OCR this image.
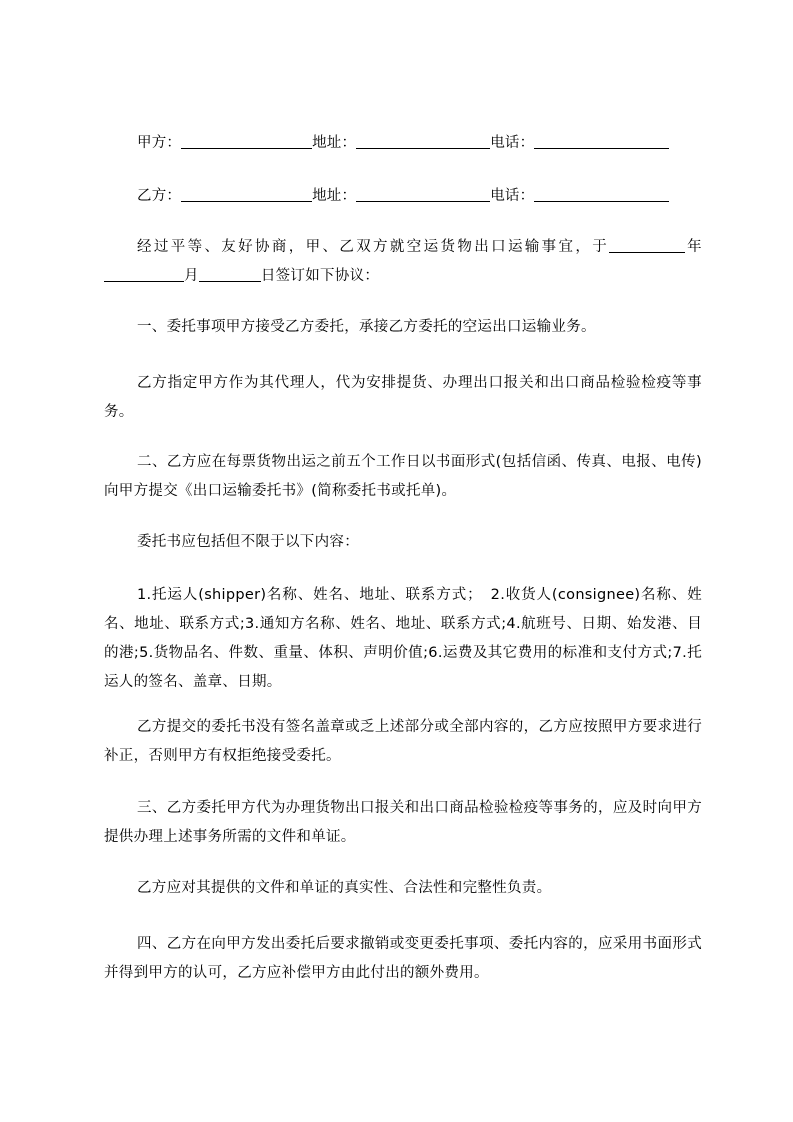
甲方：	地址：	电话：
乙方：	地址：	电话：

经过平等、友好协商，甲、乙双方就空运货物出口运输事宜，于	年月	日签订如下协议：

一、委托事项甲方接受乙方委托，承接乙方委托的空运出口运输业务。

乙方指定甲方作为其代理人，代为安排提货、办理出口报关和出口商品检验检疫等事务。

二、乙方应在每票货物出运之前五个工作日以书面形式(包括信函、传真、电报、电传)向甲方提交《出口运输委托书》(简称委托书或托单)。

委托书应包括但不限于以下内容：

1.托运人(shipper)名称、姓名、地址、联系方式；　2.收货人(consignee)名称、姓名、地址、联系方式;3.通知方名称、姓名、地址、联系方式;4.航班号、日期、始发港、目的港;5.货物品名、件数、重量、体积、声明价值;6.运费及其它费用的标准和支付方式;7.托运人的签名、盖章、日期。

乙方提交的委托书没有签名盖章或乏上述部分或全部内容的，乙方应按照甲方要求进行补正，否则甲方有权拒绝接受委托。

三、乙方委托甲方代为办理货物出口报关和出口商品检验检疫等事务的，应及时向甲方提供办理上述事务所需的文件和单证。

乙方应对其提供的文件和单证的真实性、合法性和完整性负责。

四、乙方在向甲方发出委托后要求撤销或变更委托事项、委托内容的，应采用书面形式并得到甲方的认可，乙方应补偿甲方由此付出的额外费用。
